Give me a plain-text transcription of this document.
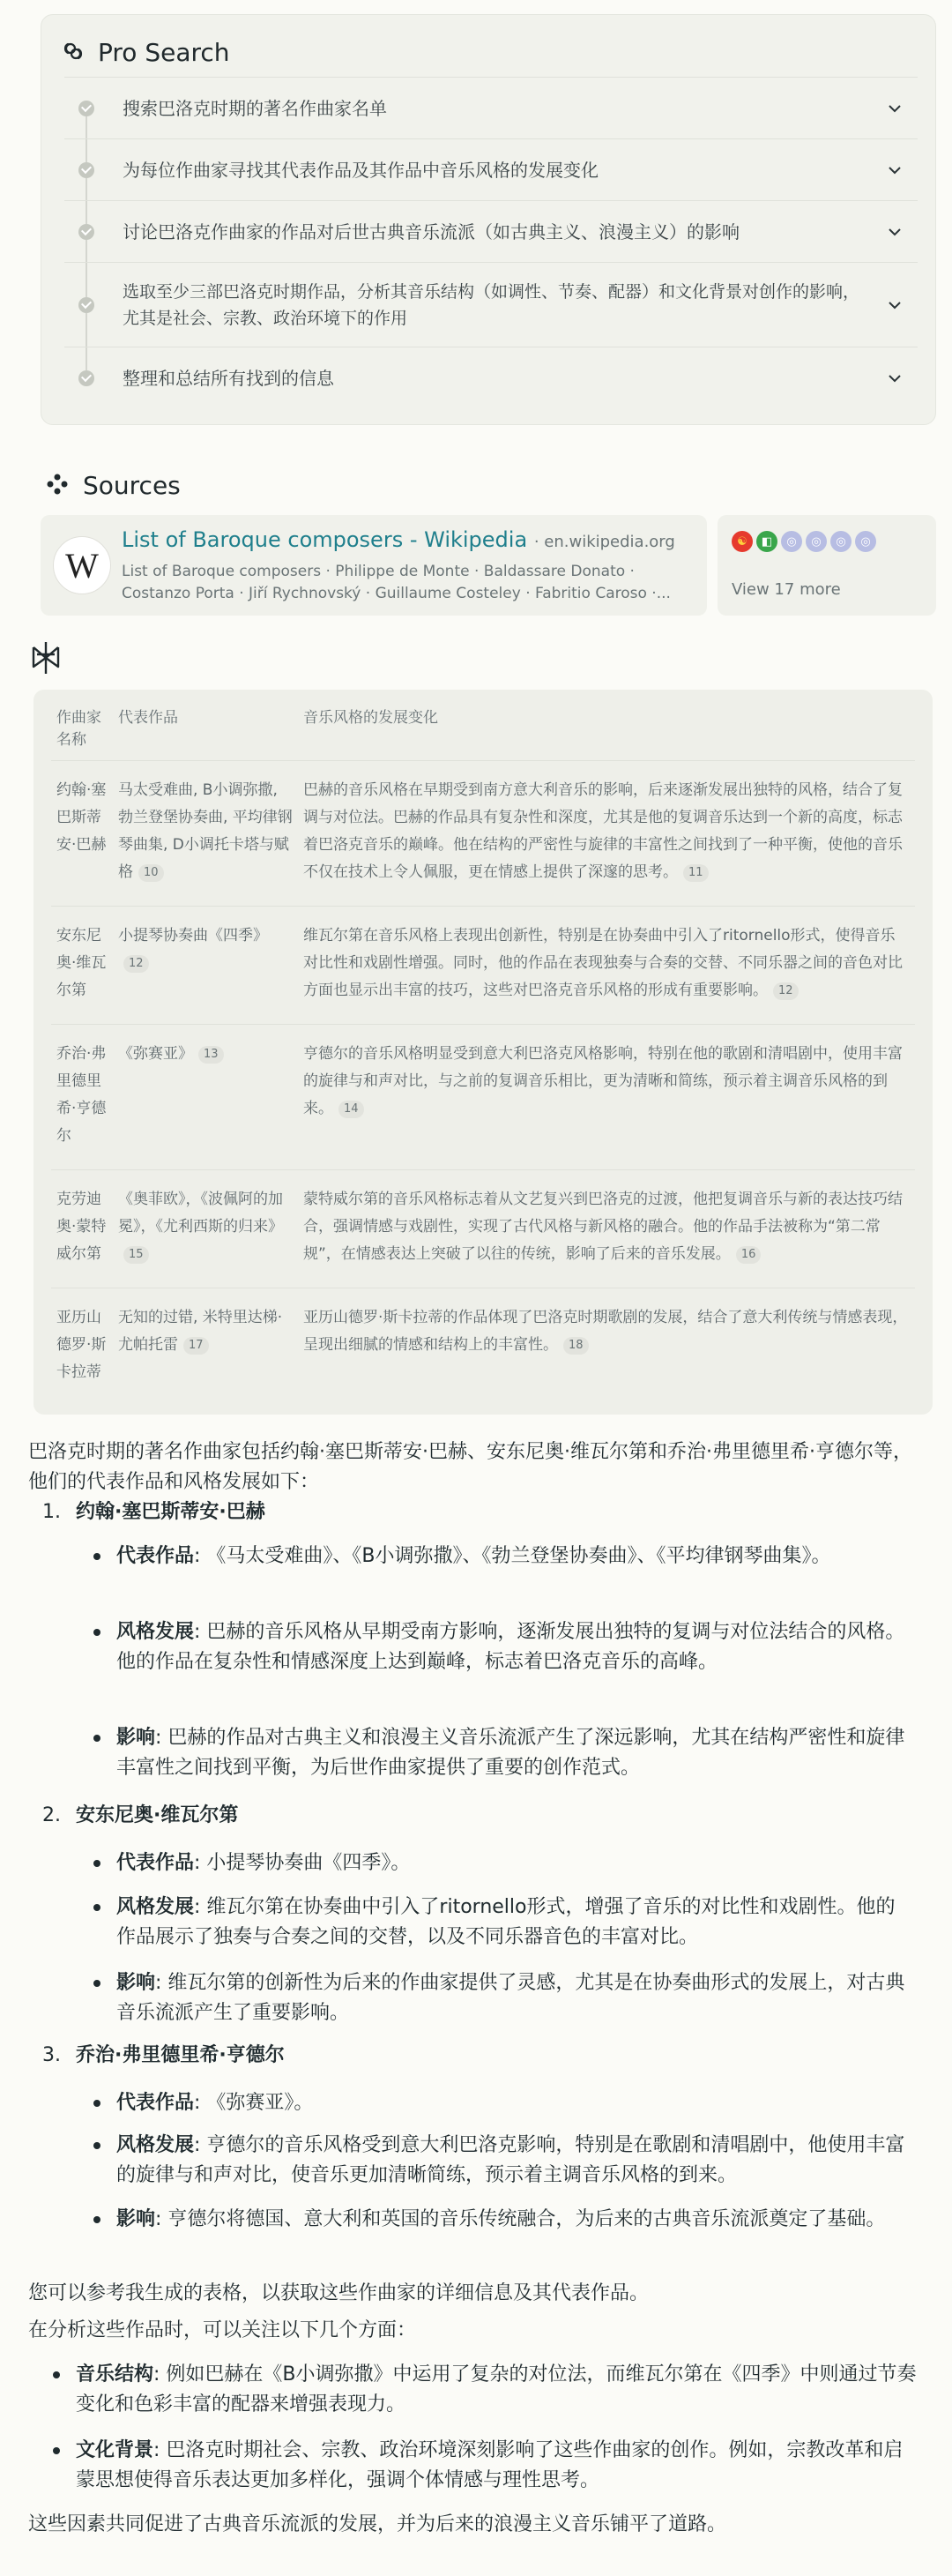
Pro Search
搜索巴洛克时期的著名作曲家名单
为每位作曲家寻找其代表作品及其作品中音乐风格的发展变化
讨论巴洛克作曲家的作品对后世古典音乐流派（如古典主义、浪漫主义）的影响
选取至少三部巴洛克时期作品，分析其音乐结构（如调性、节奏、配器）和文化背景对创作的影响，尤其是社会、宗教、政治环境下的作用
整理和总结所有找到的信息
Sources
W
List of Baroque composers - Wikipedia · en.wikipedia.org
List of Baroque composers · Philippe de Monte · Baldassare Donato · Costanzo Porta · Jiří Rychnovský · Guillaume Costeley · Fabritio Caroso ·...
☯	◧	◎	◎	◎	◎
View 17 more
作曲家名称	代表作品	音乐风格的发展变化
约翰·塞巴斯蒂安·巴赫	马太受难曲, B小调弥撒, 勃兰登堡协奏曲, 平均律钢琴曲集, D小调托卡塔与赋格 10	巴赫的音乐风格在早期受到南方意大利音乐的影响，后来逐渐发展出独特的风格，结合了复调与对位法。巴赫的作品具有复杂性和深度，尤其是他的复调音乐达到一个新的高度，标志着巴洛克音乐的巅峰。他在结构的严密性与旋律的丰富性之间找到了一种平衡，使他的音乐不仅在技术上令人佩服，更在情感上提供了深邃的思考。 11
安东尼奥·维瓦尔第	小提琴协奏曲《四季》12	维瓦尔第在音乐风格上表现出创新性，特别是在协奏曲中引入了ritornello形式，使得音乐对比性和戏剧性增强。同时，他的作品在表现独奏与合奏的交替、不同乐器之间的音色对比方面也显示出丰富的技巧，这些对巴洛克音乐风格的形成有重要影响。 12
乔治·弗里德里希·亨德尔	《弥赛亚》 13	亨德尔的音乐风格明显受到意大利巴洛克风格影响，特别在他的歌剧和清唱剧中，使用丰富的旋律与和声对比，与之前的复调音乐相比，更为清晰和简练，预示着主调音乐风格的到来。 14
克劳迪奥·蒙特威尔第	《奥菲欧》，《波佩阿的加冕》，《尤利西斯的归来》15	蒙特威尔第的音乐风格标志着从文艺复兴到巴洛克的过渡，他把复调音乐与新的表达技巧结合，强调情感与戏剧性，实现了古代风格与新风格的融合。他的作品手法被称为“第二常规”，在情感表达上突破了以往的传统，影响了后来的音乐发展。 16
亚历山德罗·斯卡拉蒂	无知的过错, 米特里达梯·尤帕托雷 17	亚历山德罗·斯卡拉蒂的作品体现了巴洛克时期歌剧的发展，结合了意大利传统与情感表现，呈现出细腻的情感和结构上的丰富性。 18
巴洛克时期的著名作曲家包括约翰·塞巴斯蒂安·巴赫、安东尼奥·维瓦尔第和乔治·弗里德里希·亨德尔等，他们的代表作品和风格发展如下：
1. 约翰·塞巴斯蒂安·巴赫
代表作品: 《马太受难曲》、《B小调弥撒》、《勃兰登堡协奏曲》、《平均律钢琴曲集》。
风格发展: 巴赫的音乐风格从早期受南方影响，逐渐发展出独特的复调与对位法结合的风格。他的作品在复杂性和情感深度上达到巅峰，标志着巴洛克音乐的高峰。
影响: 巴赫的作品对古典主义和浪漫主义音乐流派产生了深远影响，尤其在结构严密性和旋律丰富性之间找到平衡，为后世作曲家提供了重要的创作范式。
2. 安东尼奥·维瓦尔第
代表作品: 小提琴协奏曲《四季》。
风格发展: 维瓦尔第在协奏曲中引入了ritornello形式，增强了音乐的对比性和戏剧性。他的作品展示了独奏与合奏之间的交替，以及不同乐器音色的丰富对比。
影响: 维瓦尔第的创新性为后来的作曲家提供了灵感，尤其是在协奏曲形式的发展上，对古典音乐流派产生了重要影响。
3. 乔治·弗里德里希·亨德尔
代表作品: 《弥赛亚》。
风格发展: 亨德尔的音乐风格受到意大利巴洛克影响，特别是在歌剧和清唱剧中，他使用丰富的旋律与和声对比，使音乐更加清晰简练，预示着主调音乐风格的到来。
影响: 亨德尔将德国、意大利和英国的音乐传统融合，为后来的古典音乐流派奠定了基础。
您可以参考我生成的表格，以获取这些作曲家的详细信息及其代表作品。
在分析这些作品时，可以关注以下几个方面：
音乐结构: 例如巴赫在《B小调弥撒》中运用了复杂的对位法，而维瓦尔第在《四季》中则通过节奏变化和色彩丰富的配器来增强表现力。
文化背景: 巴洛克时期社会、宗教、政治环境深刻影响了这些作曲家的创作。例如，宗教改革和启蒙思想使得音乐表达更加多样化，强调个体情感与理性思考。
这些因素共同促进了古典音乐流派的发展，并为后来的浪漫主义音乐铺平了道路。
